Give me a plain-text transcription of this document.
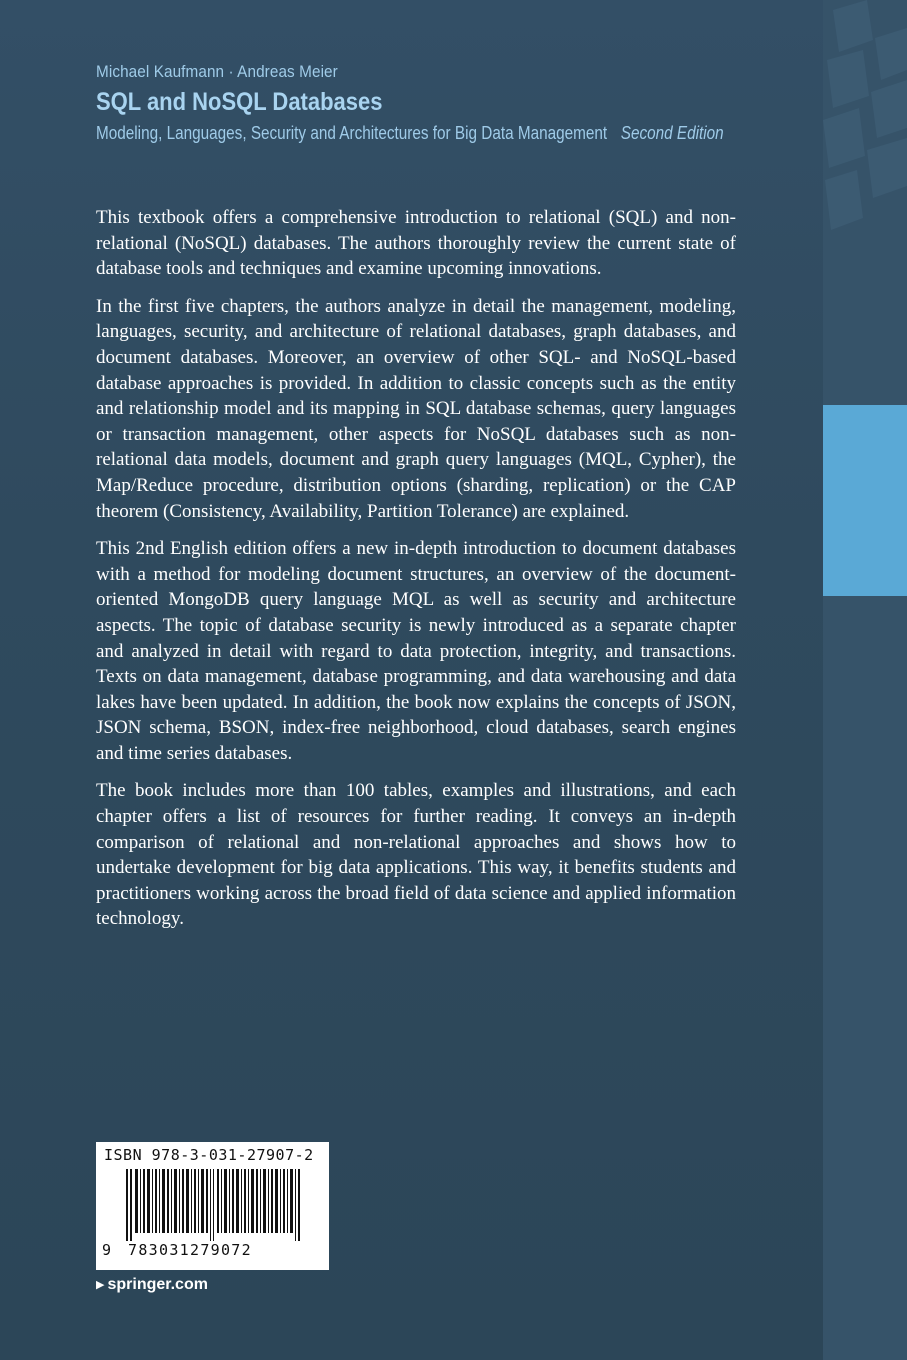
Michael Kaufmann · Andreas Meier
SQL and NoSQL Databases
Modeling, Languages, Security and Architectures for Big Data Management Second Edition

This textbook offers a comprehensive introduction to relational (SQL) and non-relational (NoSQL) databases. The authors thoroughly review the current state of database tools and techniques and examine upcoming innovations.

In the first five chapters, the authors analyze in detail the management, modeling, languages, security, and architecture of relational databases, graph databases, and document databases. Moreover, an overview of other SQL- and NoSQL-based database approaches is provided. In addition to classic concepts such as the entity and relationship model and its mapping in SQL database schemas, query languages or transaction management, other aspects for NoSQL databases such as non-relational data models, document and graph query languages (MQL, Cypher), the Map/Reduce procedure, distribution options (sharding, replication) or the CAP theorem (Consistency, Availability, Partition Tolerance) are explained.

This 2nd English edition offers a new in-depth introduction to document databases with a method for modeling document structures, an overview of the document-oriented MongoDB query language MQL as well as security and architecture aspects. The topic of database security is newly introduced as a separate chapter and analyzed in detail with regard to data protection, integrity, and transactions. Texts on data management, database programming, and data warehousing and data lakes have been updated. In addition, the book now explains the concepts of JSON, JSON schema, BSON, index-free neighborhood, cloud databases, search engines and time series databases.

The book includes more than 100 tables, examples and illustrations, and each chapter offers a list of resources for further reading. It conveys an in-depth comparison of relational and non-relational approaches and shows how to undertake development for big data applications. This way, it benefits students and practitioners working across the broad field of data science and applied information technology.

ISBN 978-3-031-27907-2
9 783031279072
▶ springer.com
